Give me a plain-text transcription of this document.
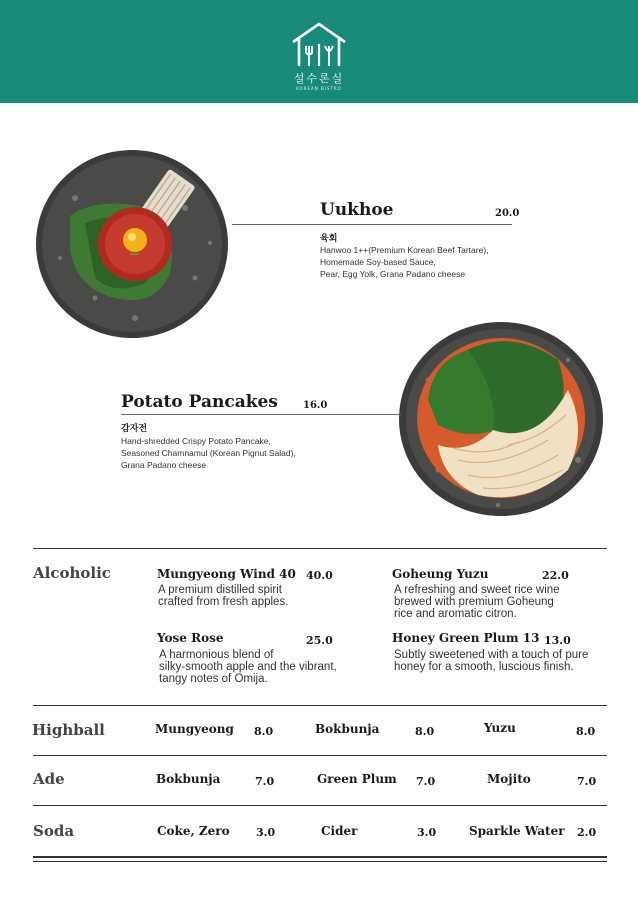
설수론실
KOREAN BISTRO
Uukhoe	20.0
육회
Hanwoo 1++(Premium Korean Beef Tartare),
Homemade Soy-based Sauce,
Pear, Egg Yolk, Grana Padano cheese
Potato Pancakes	16.0
감자전
Hand-shredded Crispy Potato Pancake,
Seasoned Chamnamul (Korean Pignut Salad),
Grana Padano cheese
Alcoholic	Mungyeong Wind 40 40.0
A premium distilled spirit
crafted from fresh apples.
Goheung Yuzu	22.0
A refreshing and sweet rice wine
brewed with premium Goheung
rice and aromatic citron.
Yose Rose	25.0
A harmonious blend of
silky-smooth apple and the vibrant,
tangy notes of Omija.
Honey Green Plum 13 13.0
Subtly sweetened with a touch of pure
honey for a smooth, luscious finish.
Highball	Mungyeong 8.0	Bokbunja	8.0	Yuzu	8.0
Ade	Bokbunja	7.0	Green Plum 7.0	Mojito	7.0
Soda	Coke, Zero 3.0	Cider	3.0	Sparkle Water 2.0
